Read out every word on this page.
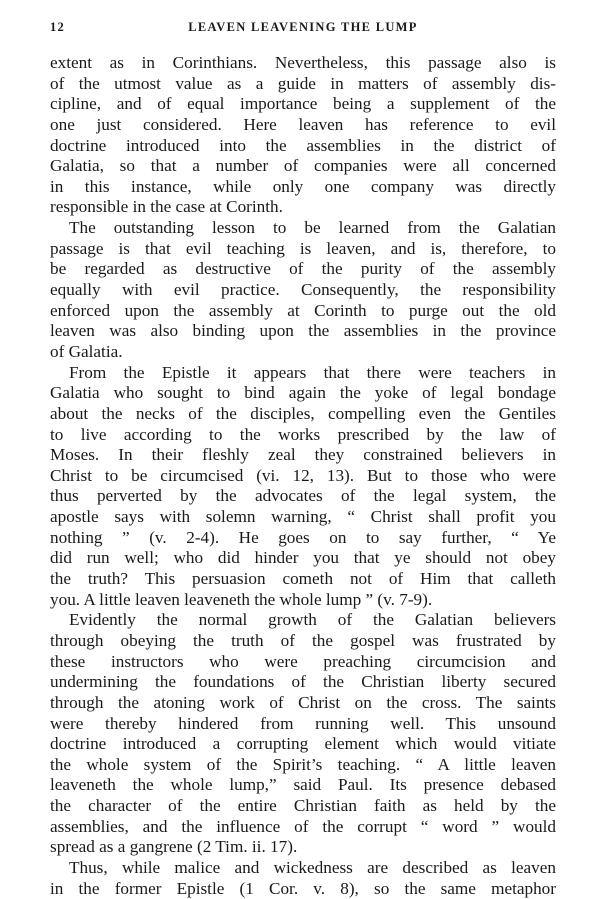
12	LEAVEN LEAVENING THE LUMP
extent as in Corinthians. Nevertheless, this passage also is
of the utmost value as a guide in matters of assembly dis-
cipline, and of equal importance being a supplement of the
one just considered. Here leaven has reference to evil
doctrine introduced into the assemblies in the district of
Galatia, so that a number of companies were all concerned
in this instance, while only one company was directly
responsible in the case at Corinth.
The outstanding lesson to be learned from the Galatian
passage is that evil teaching is leaven, and is, therefore, to
be regarded as destructive of the purity of the assembly
equally with evil practice. Consequently, the responsibility
enforced upon the assembly at Corinth to purge out the old
leaven was also binding upon the assemblies in the province
of Galatia.
From the Epistle it appears that there were teachers in
Galatia who sought to bind again the yoke of legal bondage
about the necks of the disciples, compelling even the Gentiles
to live according to the works prescribed by the law of
Moses. In their fleshly zeal they constrained believers in
Christ to be circumcised (vi. 12, 13). But to those who were
thus perverted by the advocates of the legal system, the
apostle says with solemn warning, “ Christ shall profit you
nothing ” (v. 2-4). He goes on to say further, “ Ye
did run well; who did hinder you that ye should not obey
the truth? This persuasion cometh not of Him that calleth
you. A little leaven leaveneth the whole lump ” (v. 7-9).
Evidently the normal growth of the Galatian believers
through obeying the truth of the gospel was frustrated by
these instructors who were preaching circumcision and
undermining the foundations of the Christian liberty secured
through the atoning work of Christ on the cross. The saints
were thereby hindered from running well. This unsound
doctrine introduced a corrupting element which would vitiate
the whole system of the Spirit’s teaching. “ A little leaven
leaveneth the whole lump,” said Paul. Its presence debased
the character of the entire Christian faith as held by the
assemblies, and the influence of the corrupt “ word ” would
spread as a gangrene (2 Tim. ii. 17).
Thus, while malice and wickedness are described as leaven
in the former Epistle (1 Cor. v. 8), so the same metaphor
